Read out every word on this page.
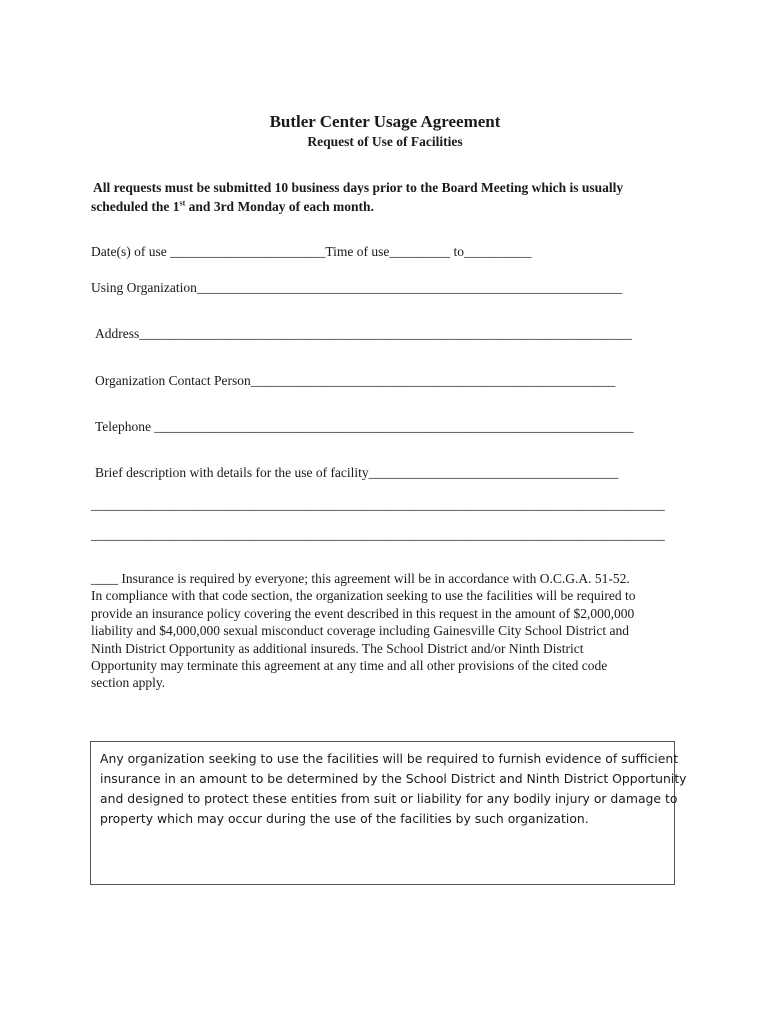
Butler Center Usage Agreement
Request of Use of Facilities
All requests must be submitted 10 business days prior to the Board Meeting which is usually
scheduled the 1st and 3rd Monday of each month.
Date(s) of use _______________________Time of use_________ to__________
Using Organization_______________________________________________________________
Address_________________________________________________________________________
Organization Contact Person______________________________________________________
Telephone _______________________________________________________________________
Brief description with details for the use of facility_____________________________________
_____________________________________________________________________________________
_____________________________________________________________________________________
____ Insurance is required by everyone; this agreement will be in accordance with O.C.G.A. 51-52.
In compliance with that code section, the organization seeking to use the facilities will be required to
provide an insurance policy covering the event described in this request in the amount of $2,000,000
liability and $4,000,000 sexual misconduct coverage including Gainesville City School District and
Ninth District Opportunity as additional insureds. The School District and/or Ninth District
Opportunity may terminate this agreement at any time and all other provisions of the cited code
section apply.
Any organization seeking to use the facilities will be required to furnish evidence of sufficient
insurance in an amount to be determined by the School District and Ninth District Opportunity
and designed to protect these entities from suit or liability for any bodily injury or damage to
property which may occur during the use of the facilities by such organization.
